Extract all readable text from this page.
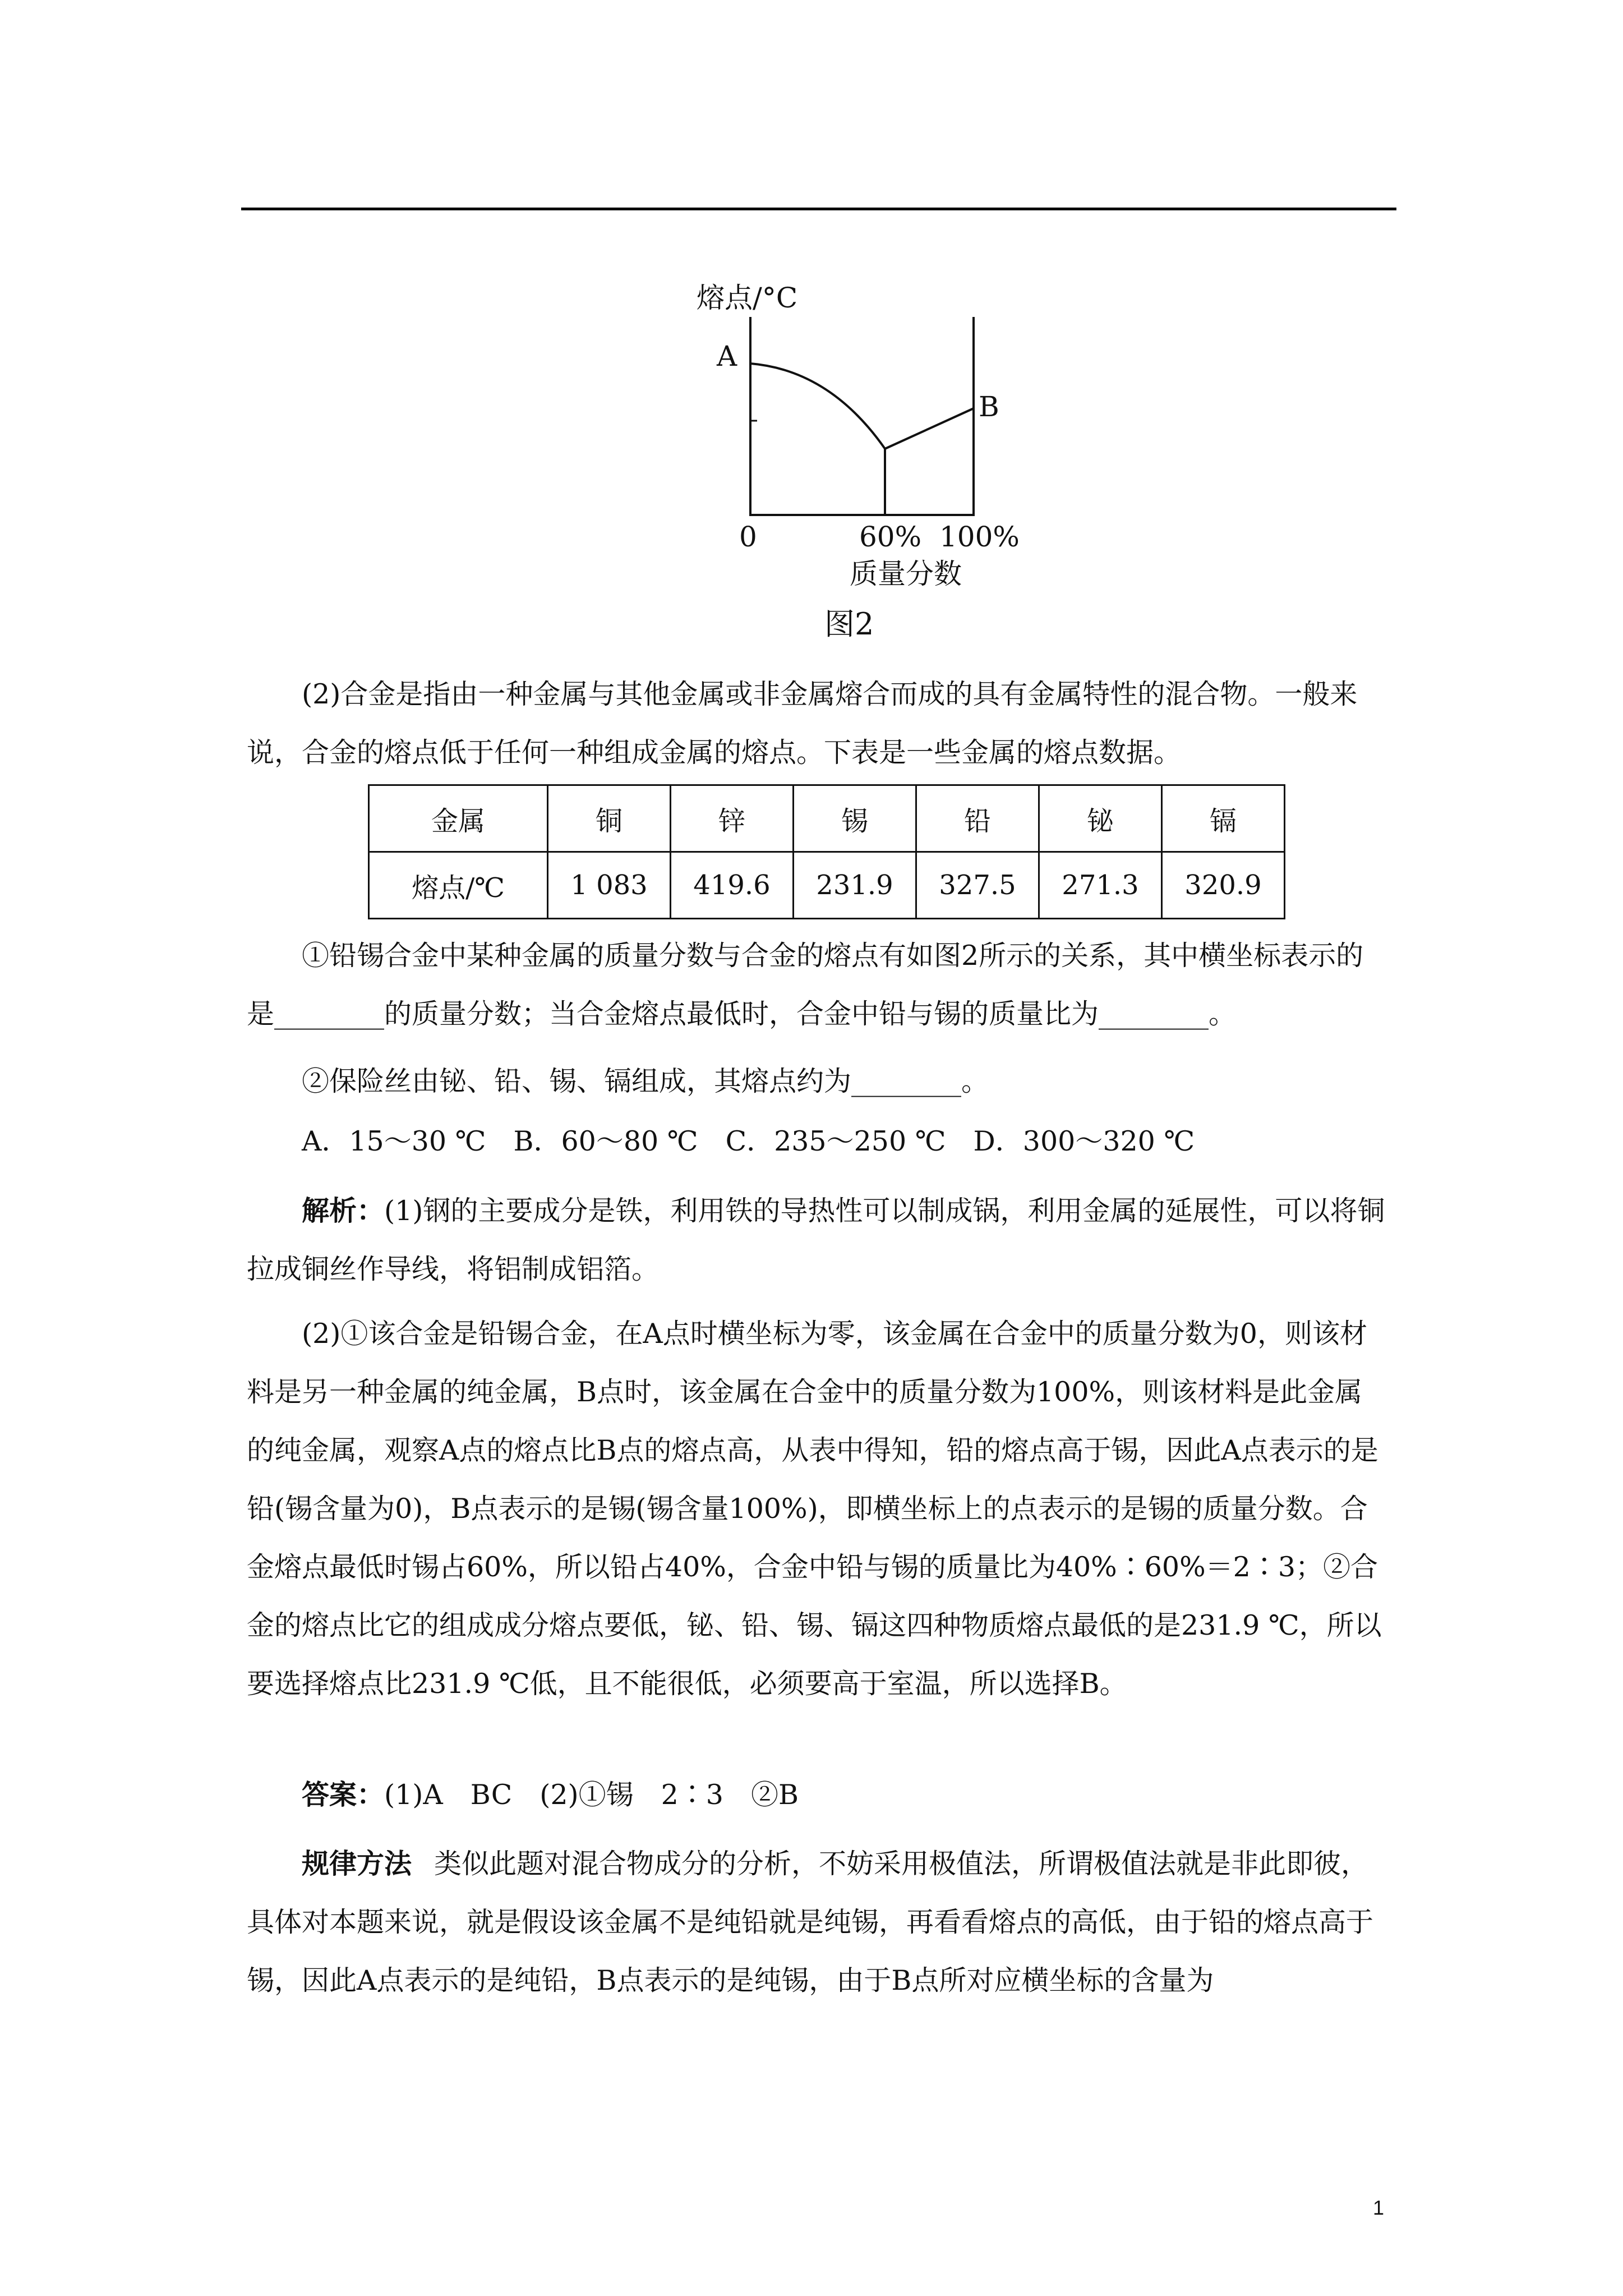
熔点/°C
A
B
0	60% 100%
质量分数
图2
(2)合金是指由一种金属与其他金属或非金属熔合而成的具有金属特性的混合物。一般来说，合金的熔点低于任何一种组成金属的熔点。下表是一些金属的熔点数据。
金属	铜	锌	锡	铅	铋	镉
熔点/℃	1 083	419.6	231.9	327.5	271.3	320.9
①铅锡合金中某种金属的质量分数与合金的熔点有如图2所示的关系，其中横坐标表示的是________的质量分数；当合金熔点最低时，合金中铅与锡的质量比为________。
②保险丝由铋、铅、锡、镉组成，其熔点约为________。
A．15～30 ℃　B．60～80 ℃　C．235～250 ℃　D．300～320 ℃
解析：(1)钢的主要成分是铁，利用铁的导热性可以制成锅，利用金属的延展性，可以将铜拉成铜丝作导线，将铝制成铝箔。
(2)①该合金是铅锡合金，在A点时横坐标为零，该金属在合金中的质量分数为0，则该材料是另一种金属的纯金属，B点时，该金属在合金中的质量分数为100%，则该材料是此金属的纯金属，观察A点的熔点比B点的熔点高，从表中得知，铅的熔点高于锡，因此A点表示的是铅(锡含量为0)，B点表示的是锡(锡含量100%)，即横坐标上的点表示的是锡的质量分数。合金熔点最低时锡占60%，所以铅占40%，合金中铅与锡的质量比为40%∶60%＝2∶3；②合金的熔点比它的组成成分熔点要低，铋、铅、锡、镉这四种物质熔点最低的是231.9 ℃，所以要选择熔点比231.9 ℃低，且不能很低，必须要高于室温，所以选择B。
答案：(1)A　BC　(2)①锡　2∶3　②B
规律方法 类似此题对混合物成分的分析，不妨采用极值法，所谓极值法就是非此即彼，具体对本题来说，就是假设该金属不是纯铅就是纯锡，再看看熔点的高低，由于铅的熔点高于锡，因此A点表示的是纯铅，B点表示的是纯锡，由于B点所对应横坐标的含量为
1
